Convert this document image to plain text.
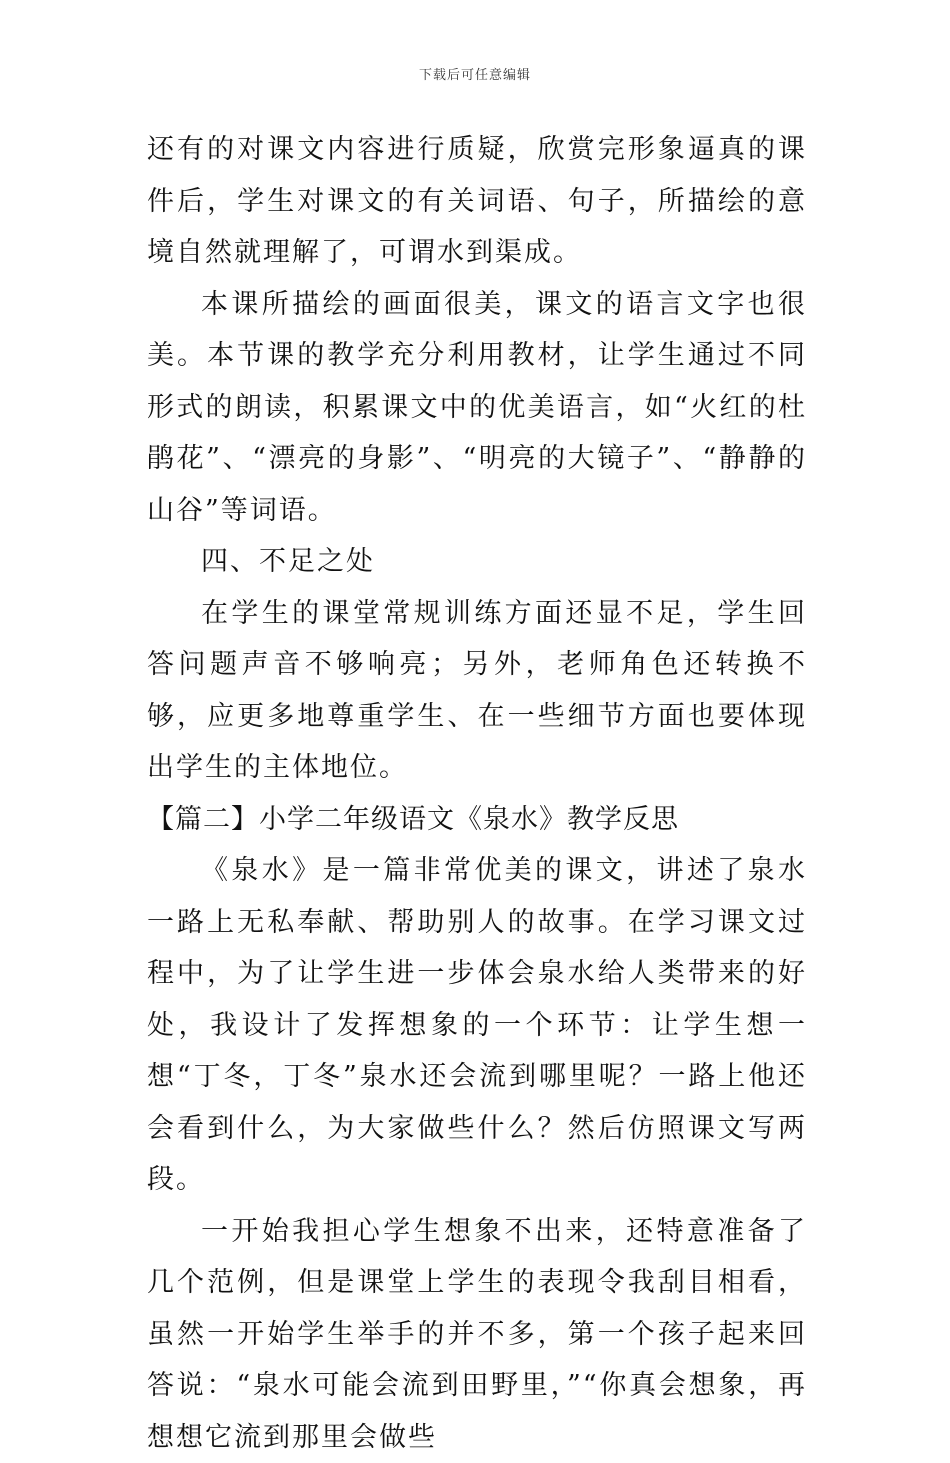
下载后可任意编辑

还有的对课文内容进行质疑，欣赏完形象逼真的课件后，学生对课文的有关词语、句子，所描绘的意境自然就理解了，可谓水到渠成。

本课所描绘的画面很美，课文的语言文字也很美。本节课的教学充分利用教材，让学生通过不同形式的朗读，积累课文中的优美语言，如“火红的杜鹃花”、“漂亮的身影”、“明亮的大镜子”、“静静的山谷”等词语。

四、不足之处

在学生的课堂常规训练方面还显不足，学生回答问题声音不够响亮；另外，老师角色还转换不够，应更多地尊重学生、在一些细节方面也要体现出学生的主体地位。

【篇二】小学二年级语文《泉水》教学反思

《泉水》是一篇非常优美的课文，讲述了泉水一路上无私奉献、帮助别人的故事。在学习课文过程中，为了让学生进一步体会泉水给人类带来的好处，我设计了发挥想象的一个环节：让学生想一想“丁冬，丁冬”泉水还会流到哪里呢？一路上他还会看到什么，为大家做些什么？然后仿照课文写两段。

一开始我担心学生想象不出来，还特意准备了几个范例，但是课堂上学生的表现令我刮目相看，虽然一开始学生举手的并不多，第一个孩子起来回答说：“泉水可能会流到田野里，”“你真会想象，再想想它流到那里会做些
